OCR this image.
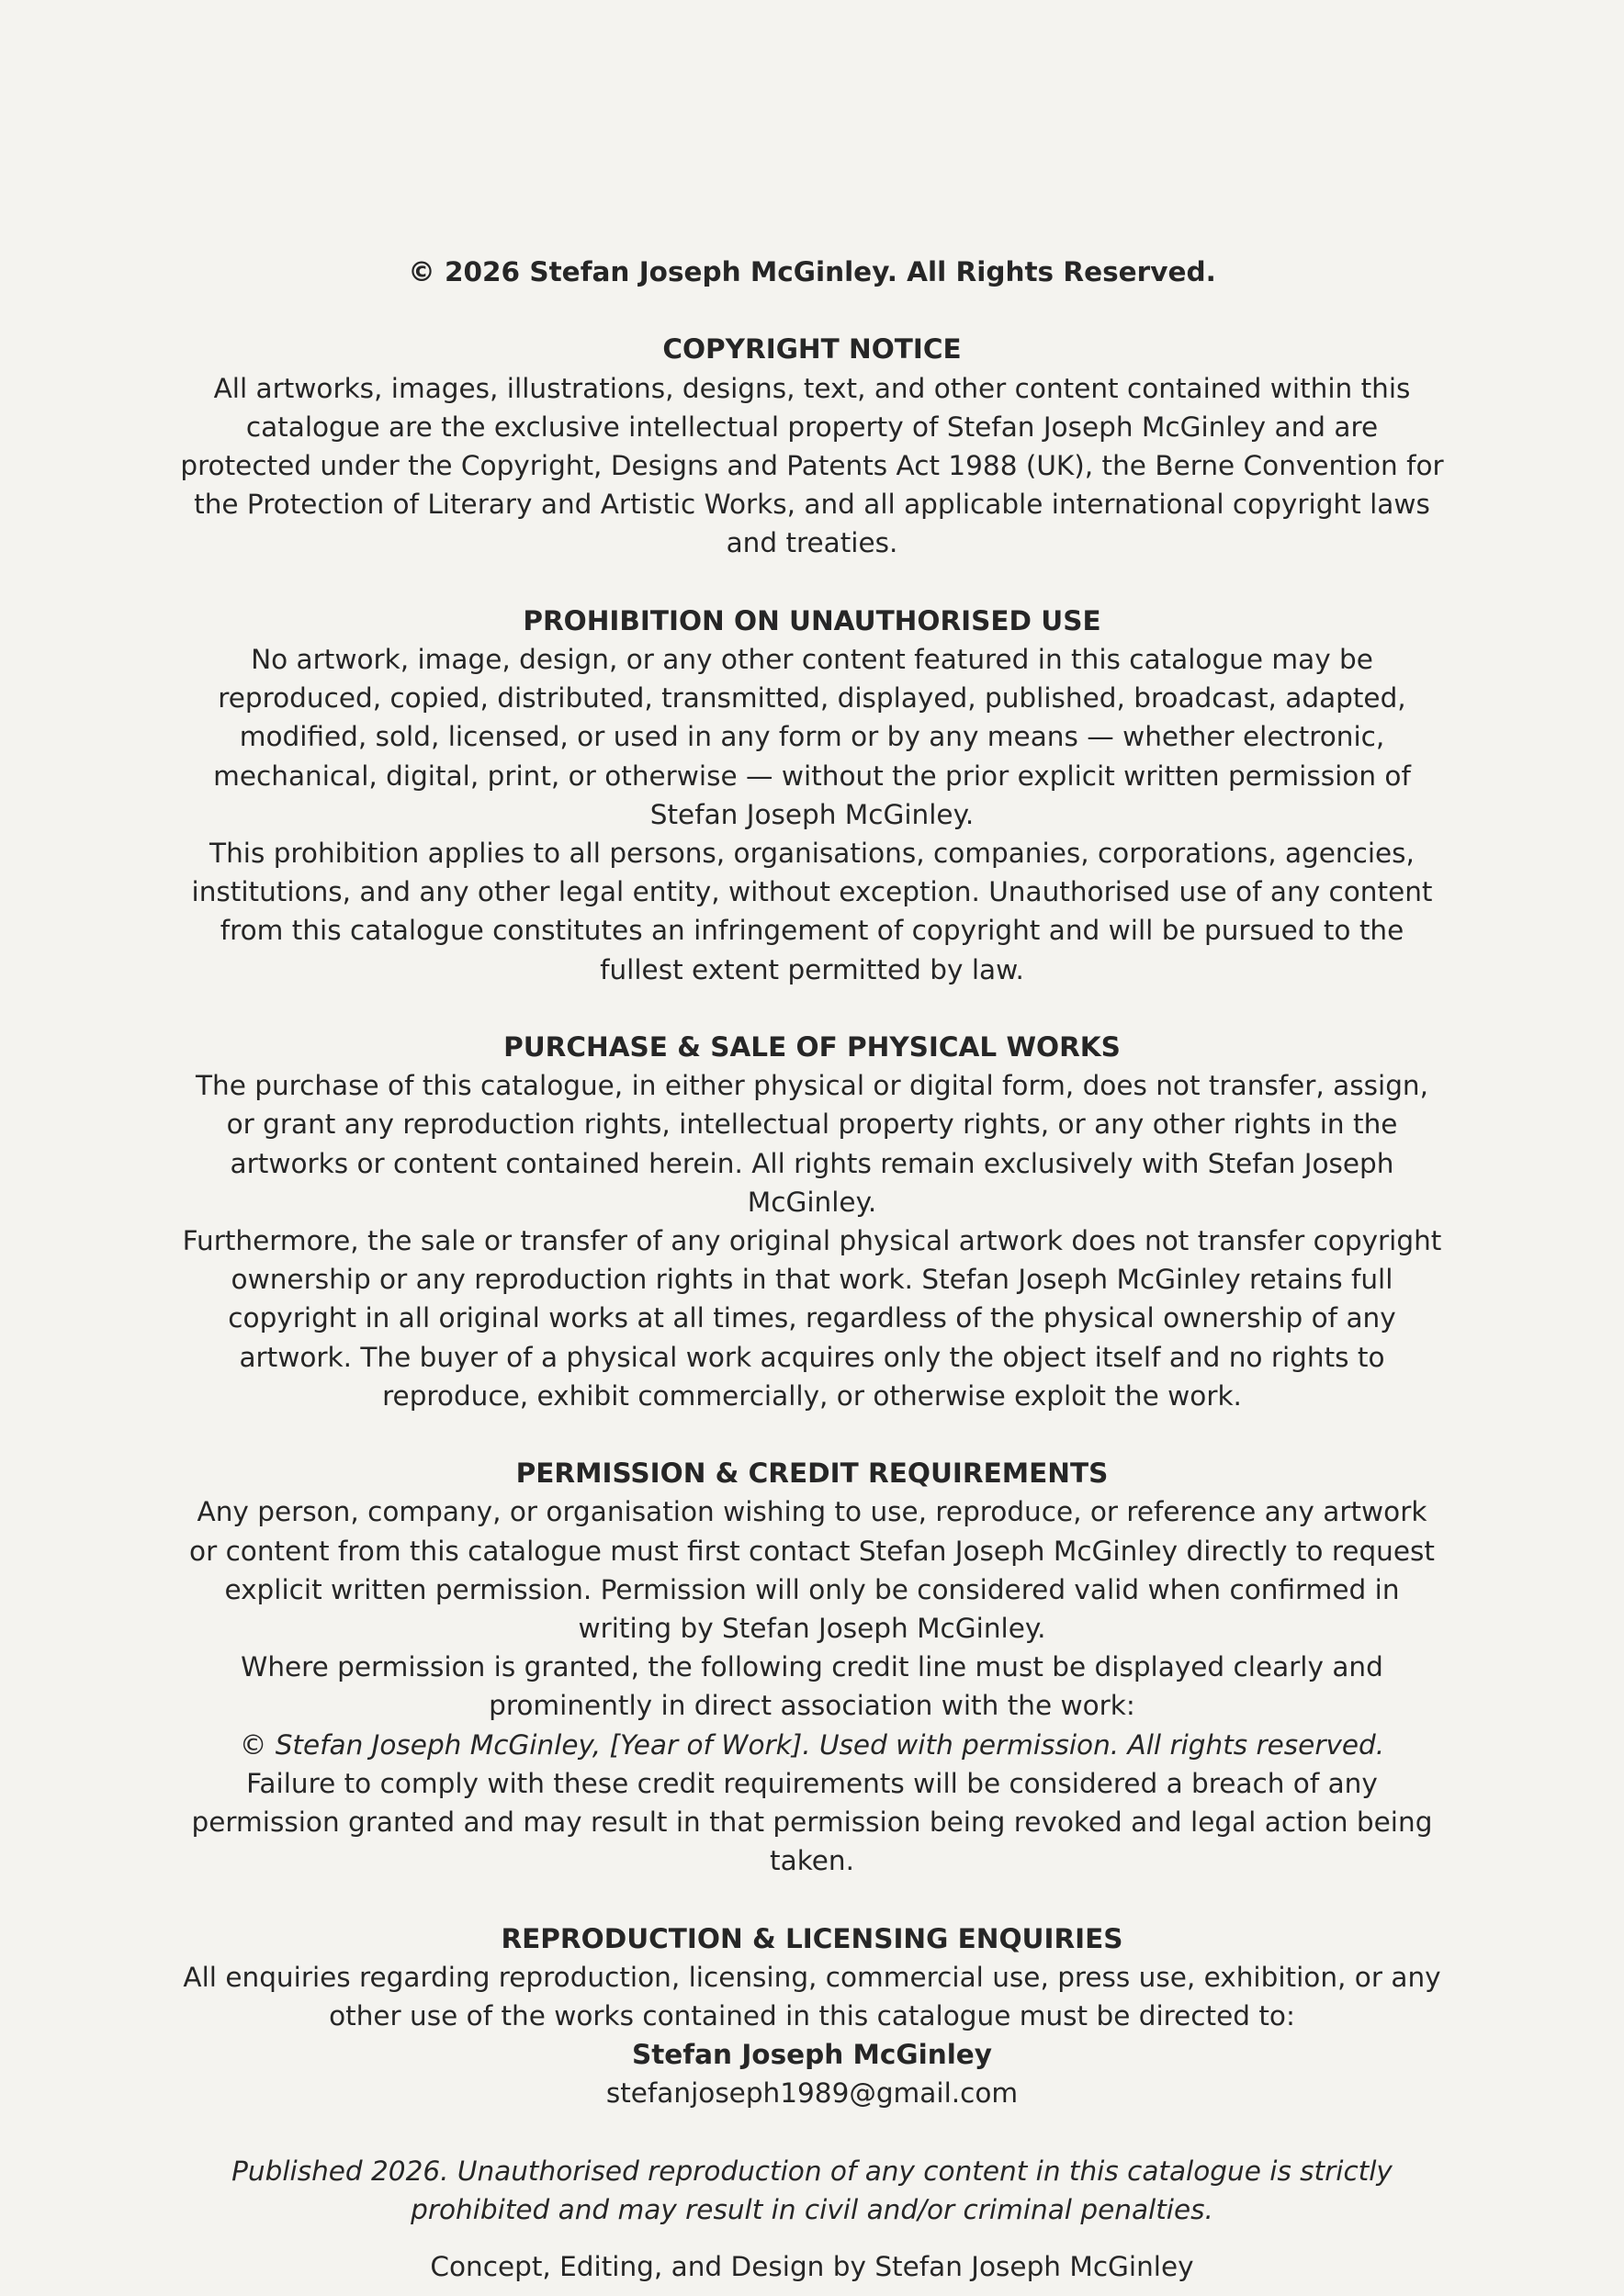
© 2026 Stefan Joseph McGinley. All Rights Reserved.

COPYRIGHT NOTICE

All artworks, images, illustrations, designs, text, and other content contained within this catalogue are the exclusive intellectual property of Stefan Joseph McGinley and are protected under the Copyright, Designs and Patents Act 1988 (UK), the Berne Convention for the Protection of Literary and Artistic Works, and all applicable international copyright laws and treaties.

PROHIBITION ON UNAUTHORISED USE

No artwork, image, design, or any other content featured in this catalogue may be reproduced, copied, distributed, transmitted, displayed, published, broadcast, adapted, modified, sold, licensed, or used in any form or by any means — whether electronic, mechanical, digital, print, or otherwise — without the prior explicit written permission of Stefan Joseph McGinley.

This prohibition applies to all persons, organisations, companies, corporations, agencies, institutions, and any other legal entity, without exception. Unauthorised use of any content from this catalogue constitutes an infringement of copyright and will be pursued to the fullest extent permitted by law.

PURCHASE & SALE OF PHYSICAL WORKS

The purchase of this catalogue, in either physical or digital form, does not transfer, assign, or grant any reproduction rights, intellectual property rights, or any other rights in the artworks or content contained herein. All rights remain exclusively with Stefan Joseph McGinley.

Furthermore, the sale or transfer of any original physical artwork does not transfer copyright ownership or any reproduction rights in that work. Stefan Joseph McGinley retains full copyright in all original works at all times, regardless of the physical ownership of any artwork. The buyer of a physical work acquires only the object itself and no rights to reproduce, exhibit commercially, or otherwise exploit the work.

PERMISSION & CREDIT REQUIREMENTS

Any person, company, or organisation wishing to use, reproduce, or reference any artwork or content from this catalogue must first contact Stefan Joseph McGinley directly to request explicit written permission. Permission will only be considered valid when confirmed in writing by Stefan Joseph McGinley.

Where permission is granted, the following credit line must be displayed clearly and prominently in direct association with the work:

© Stefan Joseph McGinley, [Year of Work]. Used with permission. All rights reserved.

Failure to comply with these credit requirements will be considered a breach of any permission granted and may result in that permission being revoked and legal action being taken.

REPRODUCTION & LICENSING ENQUIRIES

All enquiries regarding reproduction, licensing, commercial use, press use, exhibition, or any other use of the works contained in this catalogue must be directed to:

Stefan Joseph McGinley

stefanjoseph1989@gmail.com

Published 2026. Unauthorised reproduction of any content in this catalogue is strictly prohibited and may result in civil and/or criminal penalties.

Concept, Editing, and Design by Stefan Joseph McGinley
